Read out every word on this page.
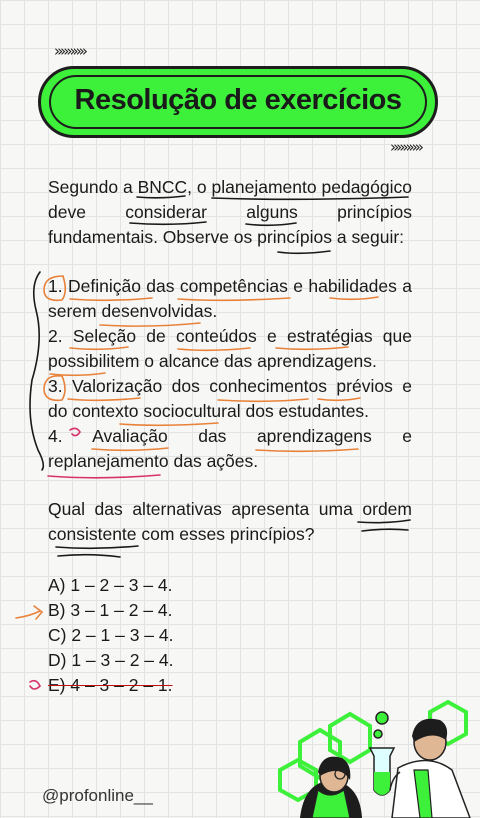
»»»»»
Resolução de exercícios
»»»»»
Segundo a BNCC, o planejamento pedagógico deve considerar alguns princípios
fundamentais. Observe os princípios a seguir:
1. Definição das competências e habilidades a serem desenvolvidas.
2. Seleção de conteúdos e estratégias que possibilitem o alcance das aprendizagens.
3. Valorização dos conhecimentos prévios e do contexto sociocultural dos estudantes.
4. Avaliação das aprendizagens e replanejamento das ações.
Qual das alternativas apresenta uma ordem consistente com esses princípios?
A) 1 – 2 – 3 – 4.
B) 3 – 1 – 2 – 4.
C) 2 – 1 – 3 – 4.
D) 1 – 3 – 2 – 4.
E) 4 – 3 – 2 – 1.
@profonline__
